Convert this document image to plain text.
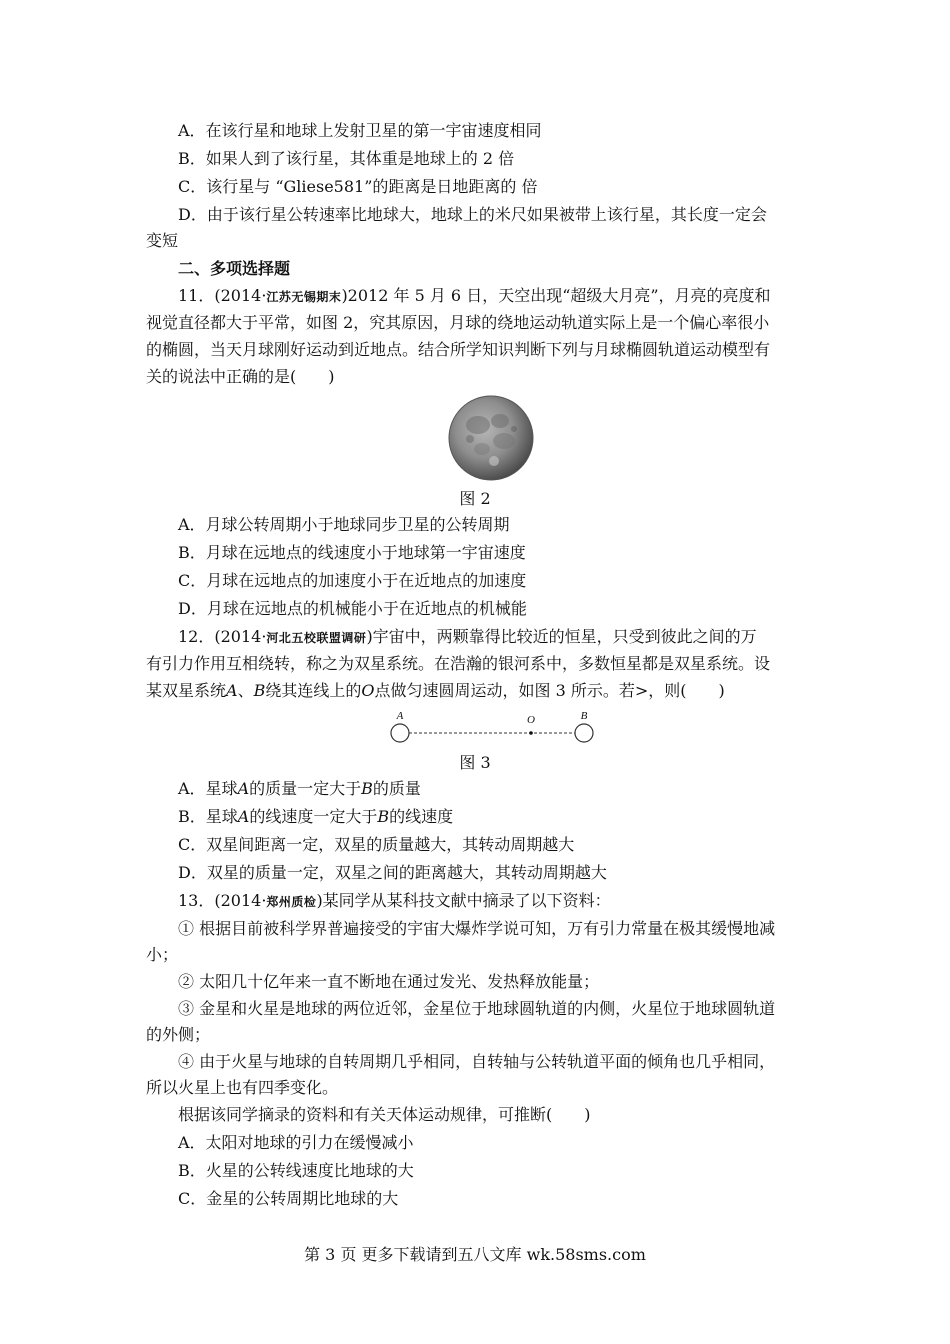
A．在该行星和地球上发射卫星的第一宇宙速度相同
B．如果人到了该行星，其体重是地球上的 2 倍
C．该行星与 “Gliese581”的距离是日地距离的 倍
D．由于该行星公转速率比地球大，地球上的米尺如果被带上该行星，其长度一定会
变短
二、多项选择题
11．(2014·江苏无锡期末)2012 年 5 月 6 日，天空出现“超级大月亮”，月亮的亮度和
视觉直径都大于平常，如图 2，究其原因，月球的绕地运动轨道实际上是一个偏心率很小
的椭圆，当天月球刚好运动到近地点。结合所学知识判断下列与月球椭圆轨道运动模型有
关的说法中正确的是(　　)
图 2
A．月球公转周期小于地球同步卫星的公转周期
B．月球在远地点的线速度小于地球第一宇宙速度
C．月球在远地点的加速度小于在近地点的加速度
D．月球在远地点的机械能小于在近地点的机械能
12．(2014·河北五校联盟调研)宇宙中，两颗靠得比较近的恒星，只受到彼此之间的万
有引力作用互相绕转，称之为双星系统。在浩瀚的银河系中，多数恒星都是双星系统。设
某双星系统A、B绕其连线上的O点做匀速圆周运动，如图 3 所示。若>，则(　　)
A	O	B
图 3
A．星球A的质量一定大于B的质量
B．星球A的线速度一定大于B的线速度
C．双星间距离一定，双星的质量越大，其转动周期越大
D．双星的质量一定，双星之间的距离越大，其转动周期越大
13．(2014·郑州质检)某同学从某科技文献中摘录了以下资料：
① 根据目前被科学界普遍接受的宇宙大爆炸学说可知，万有引力常量在极其缓慢地减
小；
② 太阳几十亿年来一直不断地在通过发光、发热释放能量；
③ 金星和火星是地球的两位近邻，金星位于地球圆轨道的内侧，火星位于地球圆轨道
的外侧；
④ 由于火星与地球的自转周期几乎相同，自转轴与公转轨道平面的倾角也几乎相同，
所以火星上也有四季变化。
根据该同学摘录的资料和有关天体运动规律，可推断(　　)
A．太阳对地球的引力在缓慢减小
B．火星的公转线速度比地球的大
C．金星的公转周期比地球的大
第 3 页 更多下载请到五八文库 wk.58sms.com
